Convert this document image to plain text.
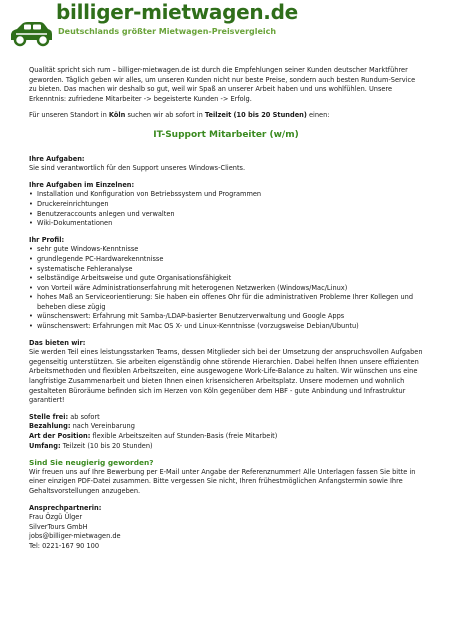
billiger-mietwagen.de
Deutschlands größter Mietwagen-Preisvergleich

Qualität spricht sich rum – billiger-mietwagen.de ist durch die Empfehlungen seiner Kunden deutscher Marktführer geworden. Täglich geben wir alles, um unseren Kunden nicht nur beste Preise, sondern auch besten Rundum-Service zu bieten. Das machen wir deshalb so gut, weil wir Spaß an unserer Arbeit haben und uns wohlfühlen. Unsere Erkenntnis: zufriedene Mitarbeiter -> begeisterte Kunden -> Erfolg.

Für unseren Standort in Köln suchen wir ab sofort in Teilzeit (10 bis 20 Stunden) einen:

IT-Support Mitarbeiter (w/m)

Ihre Aufgaben:

Sie sind verantwortlich für den Support unseres Windows-Clients.

Ihre Aufgaben im Einzelnen:

• Installation und Konfiguration von Betriebssystem und Programmen
• Druckereinrichtungen
• Benutzeraccounts anlegen und verwalten
• Wiki-Dokumentationen

Ihr Profil:

• sehr gute Windows-Kenntnisse
• grundlegende PC-Hardwarekenntnisse
• systematische Fehleranalyse
• selbständige Arbeitsweise und gute Organisationsfähigkeit
• von Vorteil wäre Administrationserfahrung mit heterogenen Netzwerken (Windows/Mac/Linux)
• hohes Maß an Serviceorientierung: Sie haben ein offenes Ohr für die administrativen Probleme Ihrer Kollegen und beheben diese zügig
• wünschenswert: Erfahrung mit Samba-/LDAP-basierter Benutzerverwaltung und Google Apps
• wünschenswert: Erfahrungen mit Mac OS X- und Linux-Kenntnisse (vorzugsweise Debian/Ubuntu)

Das bieten wir:

Sie werden Teil eines leistungsstarken Teams, dessen Mitglieder sich bei der Umsetzung der anspruchsvollen Aufgaben gegenseitig unterstützen. Sie arbeiten eigenständig ohne störende Hierarchien. Dabei helfen Ihnen unsere effizienten Arbeitsmethoden und flexiblen Arbeitszeiten, eine ausgewogene Work-Life-Balance zu halten. Wir wünschen uns eine langfristige Zusammenarbeit und bieten Ihnen einen krisensicheren Arbeitsplatz. Unsere modernen und wohnlich gestalteten Büroräume befinden sich im Herzen von Köln gegenüber dem HBF - gute Anbindung und Infrastruktur garantiert!

Stelle frei: ab sofort

Bezahlung: nach Vereinbarung

Art der Position: flexible Arbeitszeiten auf Stunden-Basis (freie Mitarbeit)

Umfang: Teilzeit (10 bis 20 Stunden)

Sind Sie neugierig geworden?

Wir freuen uns auf Ihre Bewerbung per E-Mail unter Angabe der Referenznummer! Alle Unterlagen fassen Sie bitte in einer einzigen PDF-Datei zusammen. Bitte vergessen Sie nicht, Ihren frühestmöglichen Anfangstermin sowie Ihre Gehaltsvorstellungen anzugeben.

Ansprechpartnerin:

Frau Özgü Ülger

SilverTours GmbH

jobs@billiger-mietwagen.de

Tel: 0221-167 90 100
